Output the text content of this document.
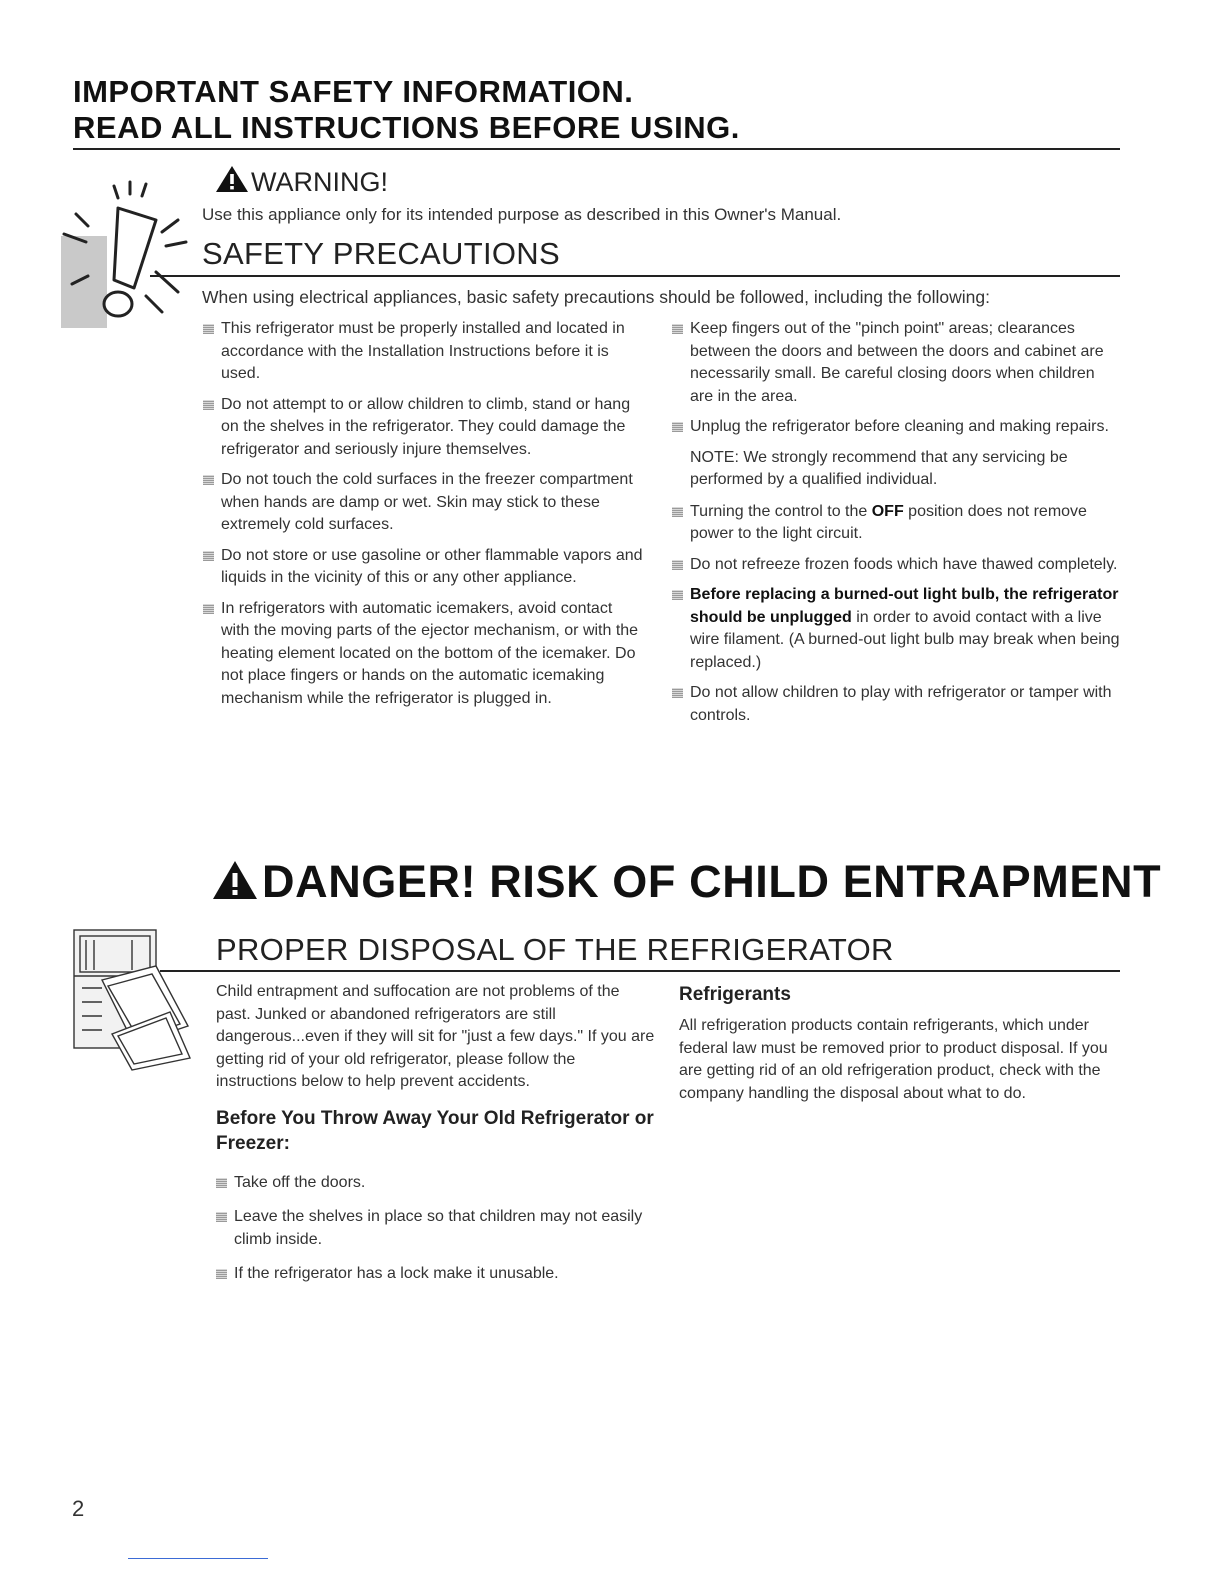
IMPORTANT SAFETY INFORMATION.
READ ALL INSTRUCTIONS BEFORE USING.
WARNING!
Use this appliance only for its intended purpose as described in this Owner's Manual.
SAFETY PRECAUTIONS
When using electrical appliances, basic safety precautions should be followed, including the following:
This refrigerator must be properly installed and located in accordance with the Installation Instructions before it is used.
Do not attempt to or allow children to climb, stand or hang on the shelves in the refrigerator. They could damage the refrigerator and seriously injure themselves.
Do not touch the cold surfaces in the freezer compartment when hands are damp or wet. Skin may stick to these extremely cold surfaces.
Do not store or use gasoline or other flammable vapors and liquids in the vicinity of this or any other appliance.
In refrigerators with automatic icemakers, avoid contact with the moving parts of the ejector mechanism, or with the heating element located on the bottom of the icemaker. Do not place fingers or hands on the automatic icemaking mechanism while the refrigerator is plugged in.
Keep fingers out of the "pinch point" areas; clearances between the doors and between the doors and cabinet are necessarily small. Be careful closing doors when children are in the area.
Unplug the refrigerator before cleaning and making repairs.
NOTE: We strongly recommend that any servicing be performed by a qualified individual.
Turning the control to the OFF position does not remove power to the light circuit.
Do not refreeze frozen foods which have thawed completely.
Before replacing a burned-out light bulb, the refrigerator should be unplugged in order to avoid contact with a live wire filament. (A burned-out light bulb may break when being replaced.)
Do not allow children to play with refrigerator or tamper with controls.
DANGER! RISK OF CHILD ENTRAPMENT
PROPER DISPOSAL OF THE REFRIGERATOR
Child entrapment and suffocation are not problems of the past. Junked or abandoned refrigerators are still dangerous...even if they will sit for "just a few days." If you are getting rid of your old refrigerator, please follow the instructions below to help prevent accidents.
Before You Throw Away Your Old Refrigerator or Freezer:
Take off the doors.
Leave the shelves in place so that children may not easily climb inside.
If the refrigerator has a lock make it unusable.
Refrigerants
All refrigeration products contain refrigerants, which under federal law must be removed prior to product disposal. If you are getting rid of an old refrigeration product, check with the company handling the disposal about what to do.
2
